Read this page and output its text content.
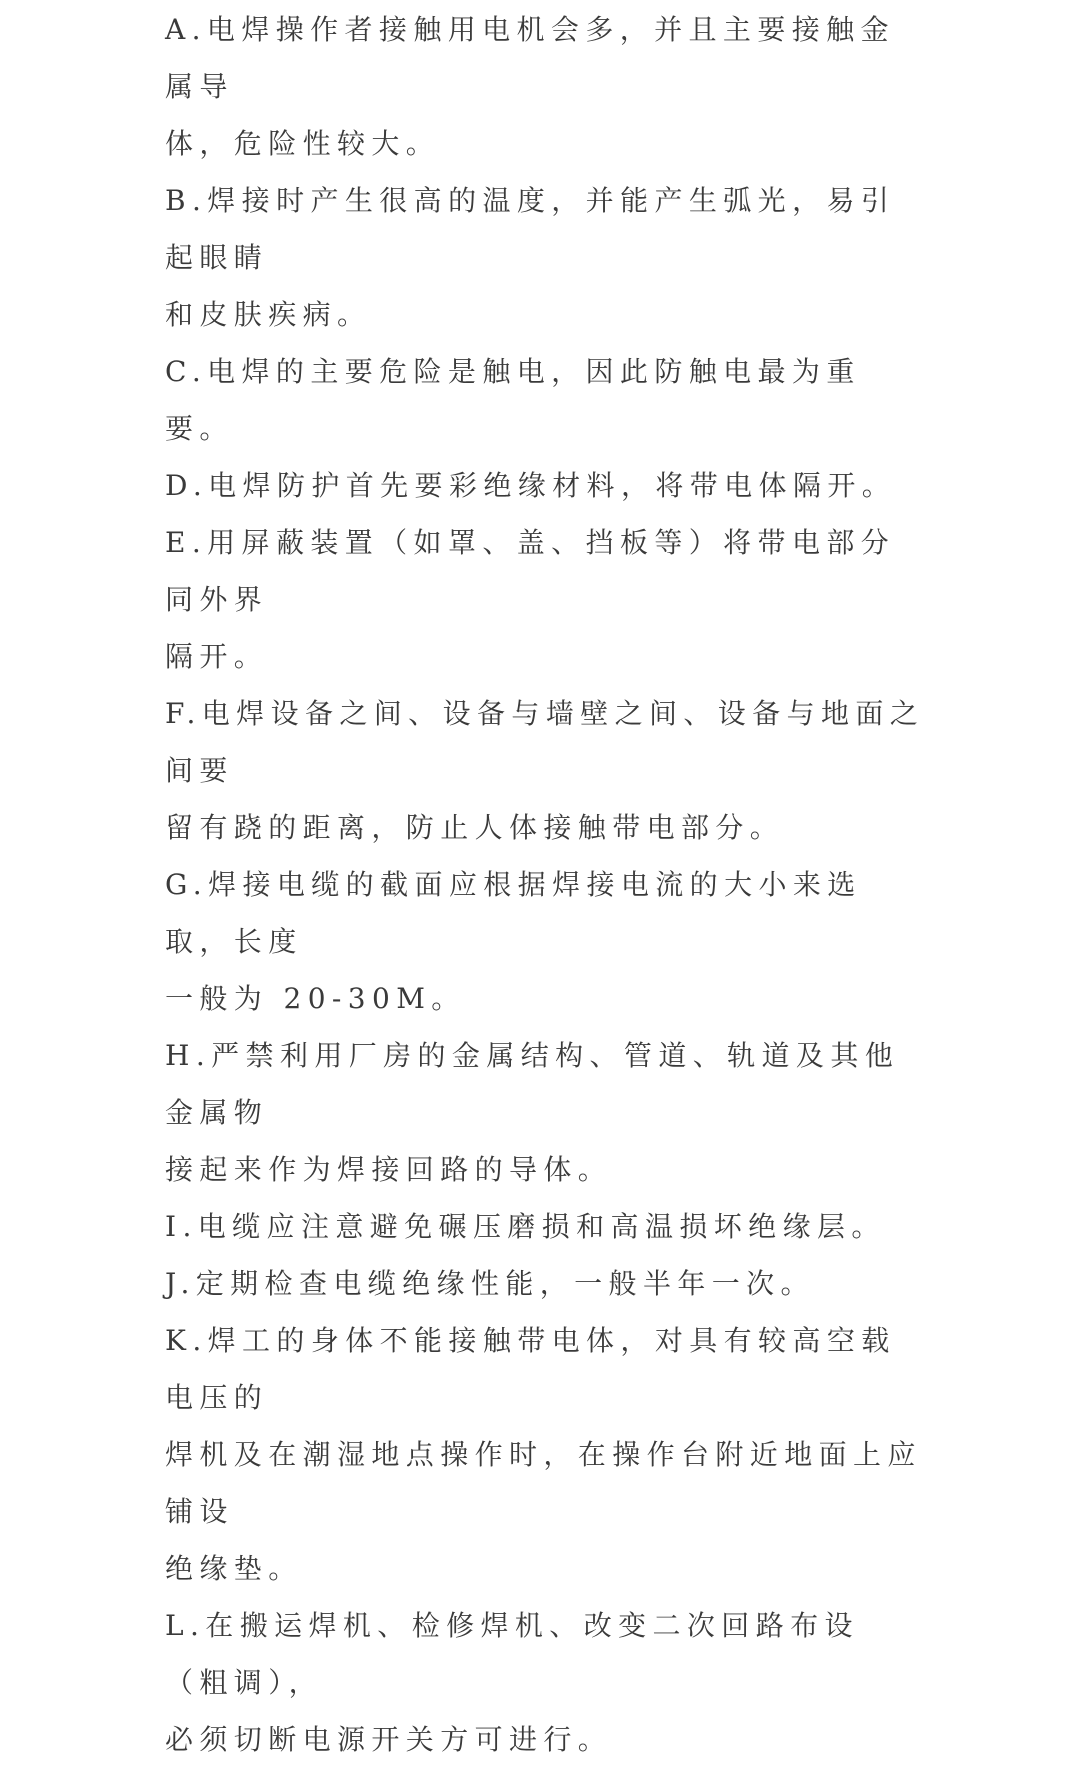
A.电焊操作者接触用电机会多，并且主要接触金属导
体，危险性较大。

B.焊接时产生很高的温度，并能产生弧光，易引起眼睛
和皮肤疾病。

C.电焊的主要危险是触电，因此防触电最为重要。

D.电焊防护首先要彩绝缘材料，将带电体隔开。

E.用屏蔽装置（如罩、盖、挡板等）将带电部分同外界
隔开。

F.电焊设备之间、设备与墙壁之间、设备与地面之间要
留有跷的距离，防止人体接触带电部分。

G.焊接电缆的截面应根据焊接电流的大小来选取，长度
一般为 20-30M。

H.严禁利用厂房的金属结构、管道、轨道及其他金属物
接起来作为焊接回路的导体。

I.电缆应注意避免碾压磨损和高温损坏绝缘层。

J.定期检查电缆绝缘性能，一般半年一次。

K.焊工的身体不能接触带电体，对具有较高空载电压的
焊机及在潮湿地点操作时，在操作台附近地面上应铺设
绝缘垫。

L.在搬运焊机、检修焊机、改变二次回路布设（粗调），
必须切断电源开关方可进行。
